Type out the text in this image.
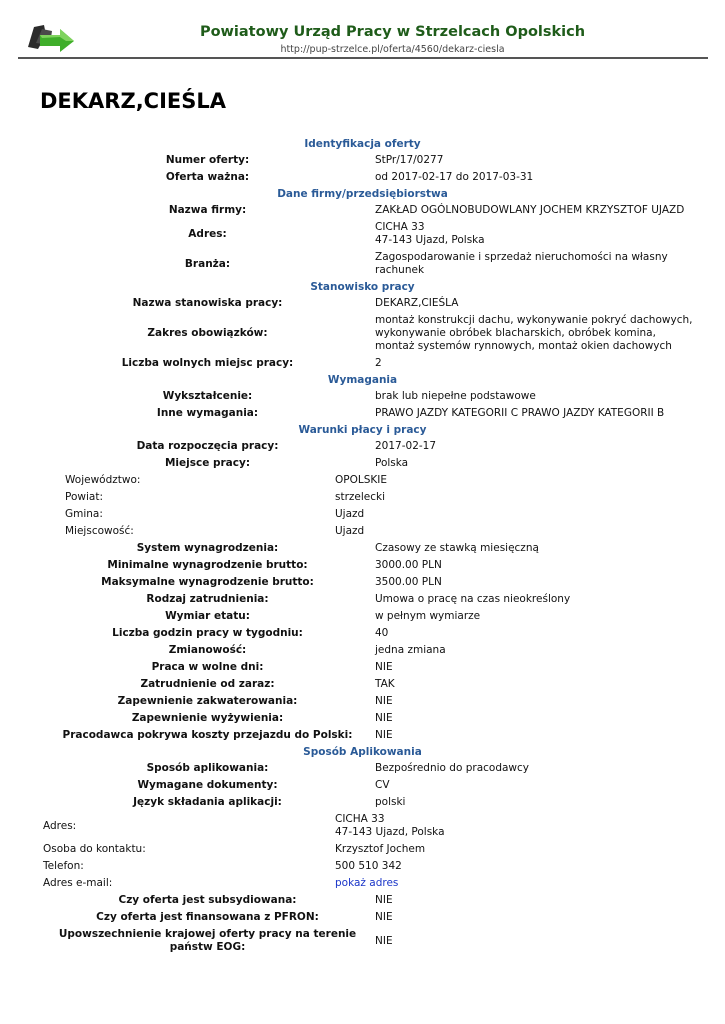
Powiatowy Urząd Pracy w Strzelcach Opolskich
http://pup-strzelce.pl/oferta/4560/dekarz-ciesla
DEKARZ,CIEŚLA
Identyfikacja oferty
Numer oferty:	StPr/17/0277
Oferta ważna:	od 2017-02-17 do 2017-03-31
Dane firmy/przedsiębiorstwa
Nazwa firmy:	ZAKŁAD OGÓLNOBUDOWLANY JOCHEM KRZYSZTOF UJAZD
Adres:
CICHA 33
47-143 Ujazd, Polska
Branża:
Zagospodarowanie i sprzedaż nieruchomości na własny rachunek
Stanowisko pracy
Nazwa stanowiska pracy:	DEKARZ,CIEŚLA
Zakres obowiązków:
montaż konstrukcji dachu, wykonywanie pokryć dachowych, wykonywanie obróbek blacharskich, obróbek komina, montaż systemów rynnowych, montaż okien dachowych
Liczba wolnych miejsc pracy:	2
Wymagania
Wykształcenie:	brak lub niepełne podstawowe
Inne wymagania:	PRAWO JAZDY KATEGORII C PRAWO JAZDY KATEGORII B
Warunki płacy i pracy
Data rozpoczęcia pracy:	2017-02-17
Miejsce pracy:	Polska
Województwo:	OPOLSKIE
Powiat:	strzelecki
Gmina:	Ujazd
Miejscowość:	Ujazd
System wynagrodzenia:	Czasowy ze stawką miesięczną
Minimalne wynagrodzenie brutto:	3000.00 PLN
Maksymalne wynagrodzenie brutto:	3500.00 PLN
Rodzaj zatrudnienia:	Umowa o pracę na czas nieokreślony
Wymiar etatu:	w pełnym wymiarze
Liczba godzin pracy w tygodniu:	40
Zmianowość:	jedna zmiana
Praca w wolne dni:	NIE
Zatrudnienie od zaraz:	TAK
Zapewnienie zakwaterowania:	NIE
Zapewnienie wyżywienia:	NIE
Pracodawca pokrywa koszty przejazdu do Polski:	NIE
Sposób Aplikowania
Sposób aplikowania:	Bezpośrednio do pracodawcy
Wymagane dokumenty:	CV
Język składania aplikacji:	polski
Adres:
CICHA 33
47-143 Ujazd, Polska
Osoba do kontaktu:	Krzysztof Jochem
Telefon:	500 510 342
Adres e-mail:	pokaż adres
Czy oferta jest subsydiowana:	NIE
Czy oferta jest finansowana z PFRON:	NIE
Upowszechnienie krajowej oferty pracy na terenie państw EOG:
NIE
